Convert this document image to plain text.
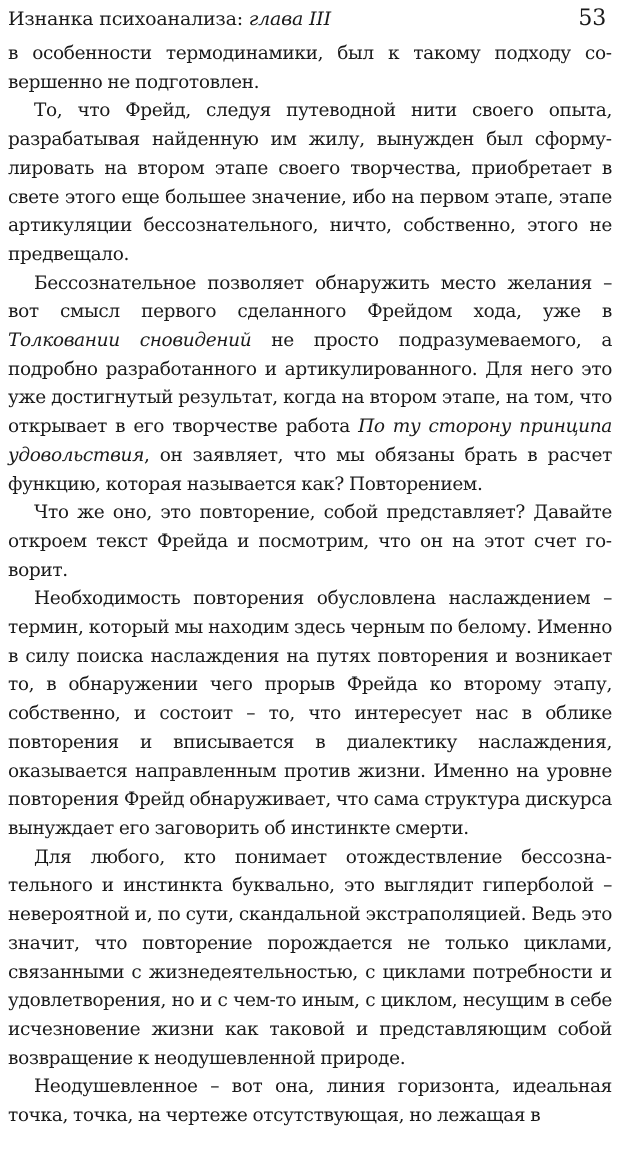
Изнанка психоанализа: глава III	53

в особенности термодинамики, был к такому подходу совершенно не подготовлен.

То, что Фрейд, следуя путеводной нити своего опыта, разрабатывая найденную им жилу, вынужден был сформулировать на втором этапе своего творчества, приобретает в свете этого еще большее значение, ибо на первом этапе, этапе артикуляции бессознательного, ничто, собственно, этого не предвещало.

Бессознательное позволяет обнаружить место желания – вот смысл первого сделанного Фрейдом хода, уже в Толковании сновидений не просто подразумеваемого, а подробно разработанного и артикулированного. Для него это уже достигнутый результат, когда на втором этапе, на том, что открывает в его творчестве работа По ту сторону принципа удовольствия, он заявляет, что мы обязаны брать в расчет функцию, которая называется как? Повторением.

Что же оно, это повторение, собой представляет? Давайте откроем текст Фрейда и посмотрим, что он на этот счет говорит.

Необходимость повторения обусловлена наслаждением – термин, который мы находим здесь черным по белому. Именно в силу поиска наслаждения на путях повторения и возникает то, в обнаружении чего прорыв Фрейда ко второму этапу, собственно, и состоит – то, что интересует нас в облике повторения и вписывается в диалектику наслаждения, оказывается направленным против жизни. Именно на уровне повторения Фрейд обнаруживает, что сама структура дискурса вынуждает его заговорить об инстинкте смерти.

Для любого, кто понимает отождествление бессознательного и инстинкта буквально, это выглядит гиперболой – невероятной и, по сути, скандальной экстраполяцией. Ведь это значит, что повторение порождается не только циклами, связанными с жизнедеятельностью, с циклами потребности и удовлетворения, но и с чем-то иным, с циклом, несущим в себе исчезновение жизни как таковой и представляющим собой возвращение к неодушевленной природе.

Неодушевленное – вот она, линия горизонта, идеальная точка, точка, на чертеже отсутствующая, но лежащая в
